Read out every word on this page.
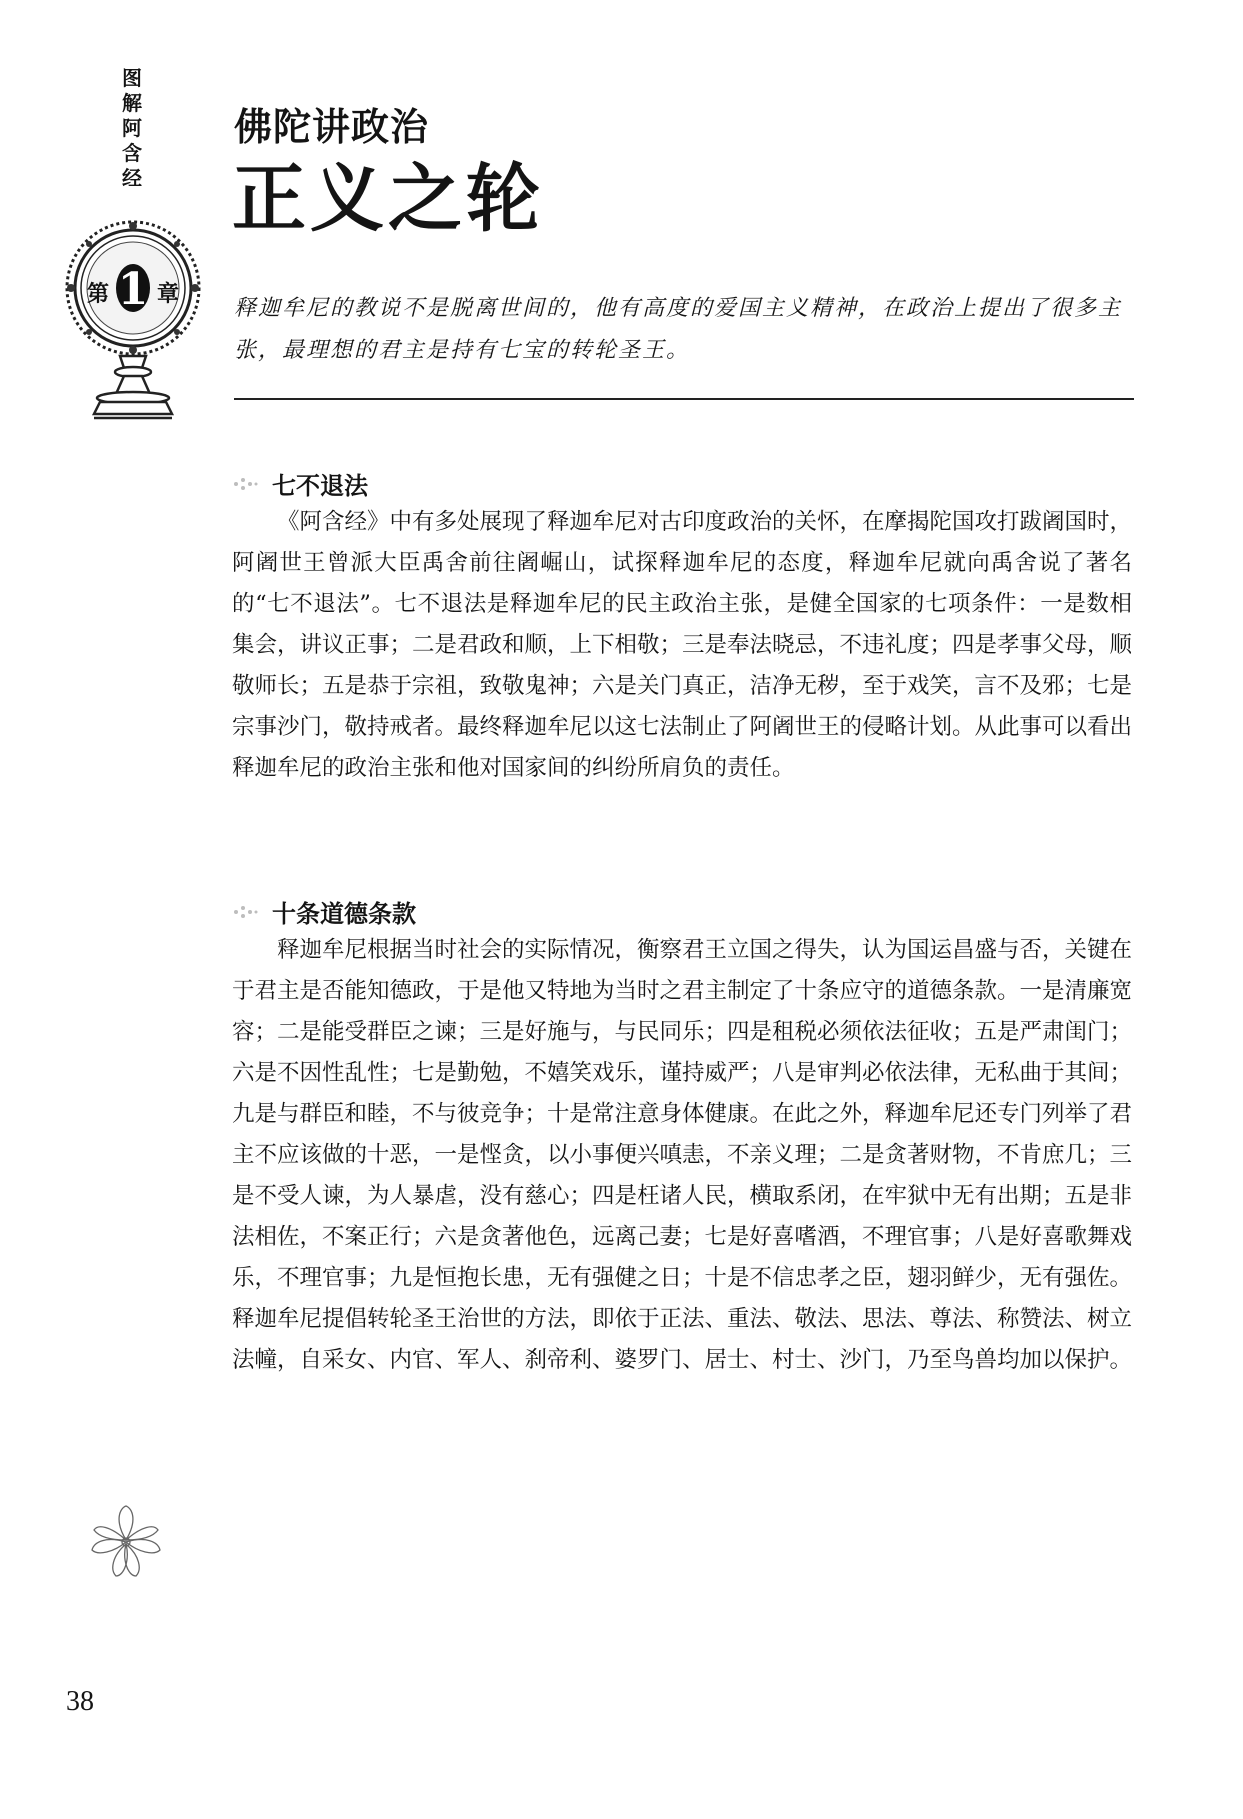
图
解
阿
含
经
第 1 章
佛陀讲政治
正义之轮
释迦牟尼的教说不是脱离世间的，他有高度的爱国主义精神，在政治上提出了很多主张，最理想的君主是持有七宝的转轮圣王。
七不退法
《阿含经》中有多处展现了释迦牟尼对古印度政治的关怀，在摩揭陀国攻打跋阇国时，阿阇世王曾派大臣禹舍前往阇崛山，试探释迦牟尼的态度，释迦牟尼就向禹舍说了著名的“七不退法”。七不退法是释迦牟尼的民主政治主张，是健全国家的七项条件：一是数相集会，讲议正事；二是君政和顺，上下相敬；三是奉法晓忌，不违礼度；四是孝事父母，顺敬师长；五是恭于宗祖，致敬鬼神；六是关门真正，洁净无秽，至于戏笑，言不及邪；七是宗事沙门，敬持戒者。最终释迦牟尼以这七法制止了阿阇世王的侵略计划。从此事可以看出释迦牟尼的政治主张和他对国家间的纠纷所肩负的责任。
十条道德条款
释迦牟尼根据当时社会的实际情况，衡察君王立国之得失，认为国运昌盛与否，关键在于君主是否能知德政，于是他又特地为当时之君主制定了十条应守的道德条款。一是清廉宽容；二是能受群臣之谏；三是好施与，与民同乐；四是租税必须依法征收；五是严肃闺门；六是不因性乱性；七是勤勉，不嬉笑戏乐，谨持威严；八是审判必依法律，无私曲于其间；九是与群臣和睦，不与彼竞争；十是常注意身体健康。在此之外，释迦牟尼还专门列举了君主不应该做的十恶，一是悭贪，以小事便兴嗔恚，不亲义理；二是贪著财物，不肯庶几；三是不受人谏，为人暴虐，没有慈心；四是枉诸人民，横取系闭，在牢狱中无有出期；五是非法相佐，不案正行；六是贪著他色，远离己妻；七是好喜嗜酒，不理官事；八是好喜歌舞戏乐，不理官事；九是恒抱长患，无有强健之日；十是不信忠孝之臣，翅羽鲜少，无有强佐。释迦牟尼提倡转轮圣王治世的方法，即依于正法、重法、敬法、思法、尊法、称赞法、树立法幢，自采女、内官、军人、刹帝利、婆罗门、居士、村士、沙门，乃至鸟兽均加以保护。
38
